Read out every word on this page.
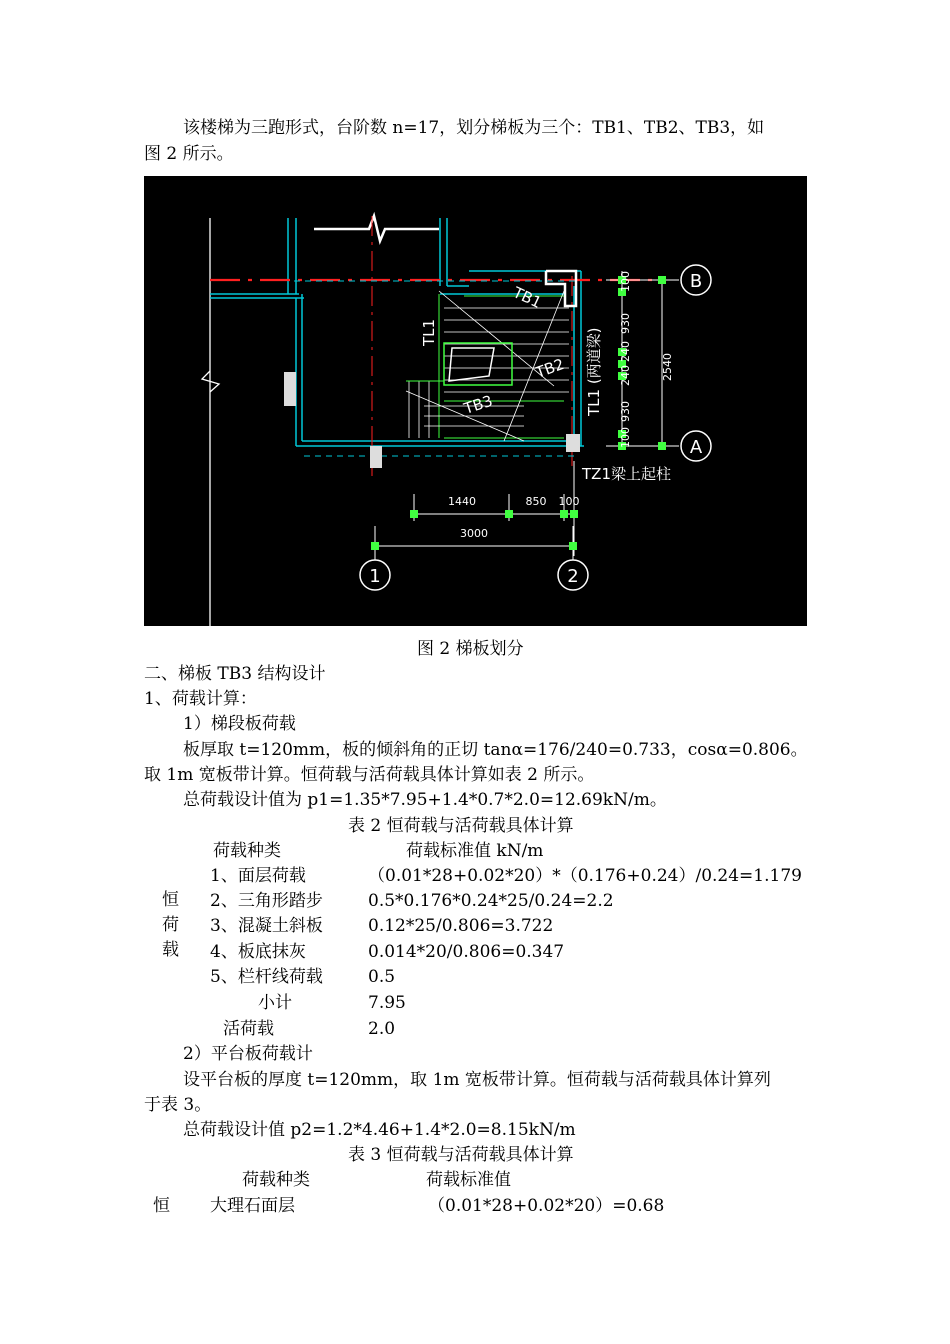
该楼梯为三跑形式，台阶数 n=17，划分梯板为三个：TB1、TB2、TB3，如
图 2 所示。
100
930
240
240
930
100
2540
B
A
1	2
1440	850 100
3000
TL1
TB1
TB2
TB3	TL1 (两道梁)
TZ1梁上起柱
图 2 梯板划分
二、梯板 TB3 结构设计
1、荷载计算：
1）梯段板荷载
板厚取 t=120mm，板的倾斜角的正切 tanα=176/240=0.733，cosα=0.806。
取 1m 宽板带计算。恒荷载与活荷载具体计算如表 2 所示。
总荷载设计值为 p1=1.35*7.95+1.4*0.7*2.0=12.69kN/m。
表 2 恒荷载与活荷载具体计算
荷载种类	荷载标准值 kN/m
恒
荷
载
1、面层荷载	（0.01*28+0.02*20）*（0.176+0.24）/0.24=1.179
2、三角形踏步	0.5*0.176*0.24*25/0.24=2.2
3、混凝土斜板	0.12*25/0.806=3.722
4、板底抹灰	0.014*20/0.806=0.347
5、栏杆线荷载	0.5
小计	7.95
活荷载	2.0
2）平台板荷载计
设平台板的厚度 t=120mm，取 1m 宽板带计算。恒荷载与活荷载具体计算列
于表 3。
总荷载设计值 p2=1.2*4.46+1.4*2.0=8.15kN/m
表 3 恒荷载与活荷载具体计算
荷载种类	荷载标准值
恒 大理石面层	（0.01*28+0.02*20）=0.68
